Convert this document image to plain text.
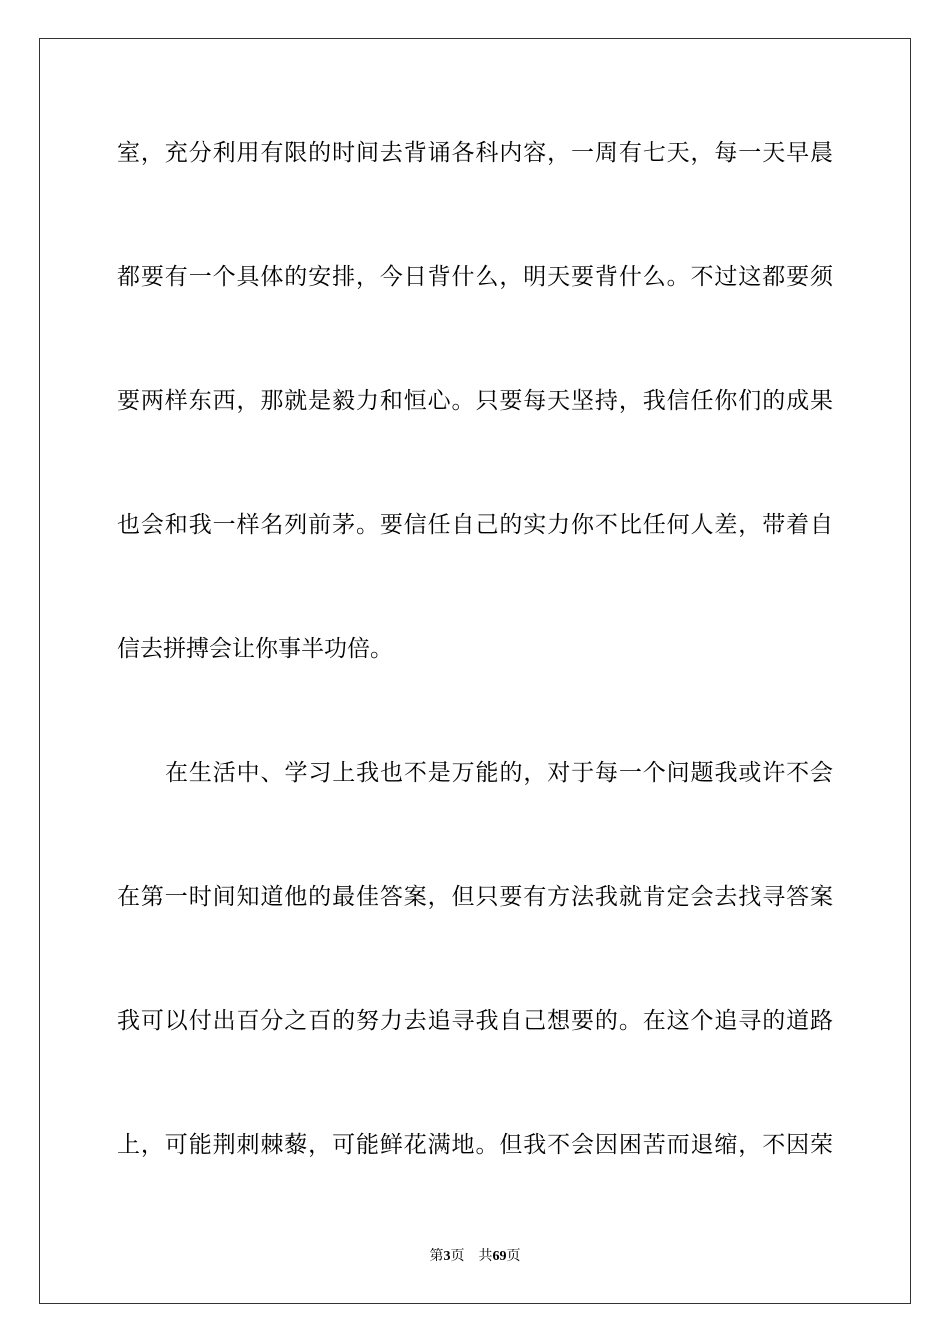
室，充分利用有限的时间去背诵各科内容，一周有七天，每一天早晨
都要有一个具体的安排，今日背什么，明天要背什么。不过这都要须
要两样东西，那就是毅力和恒心。只要每天坚持，我信任你们的成果
也会和我一样名列前茅。要信任自己的实力你不比任何人差，带着自
信去拼搏会让你事半功倍。
在生活中、学习上我也不是万能的，对于每一个问题我或许不会
在第一时间知道他的最佳答案，但只要有方法我就肯定会去找寻答案
我可以付出百分之百的努力去追寻我自己想要的。在这个追寻的道路
上，可能荆刺棘藜，可能鲜花满地。但我不会因困苦而退缩，不因荣
第3页 共69页
